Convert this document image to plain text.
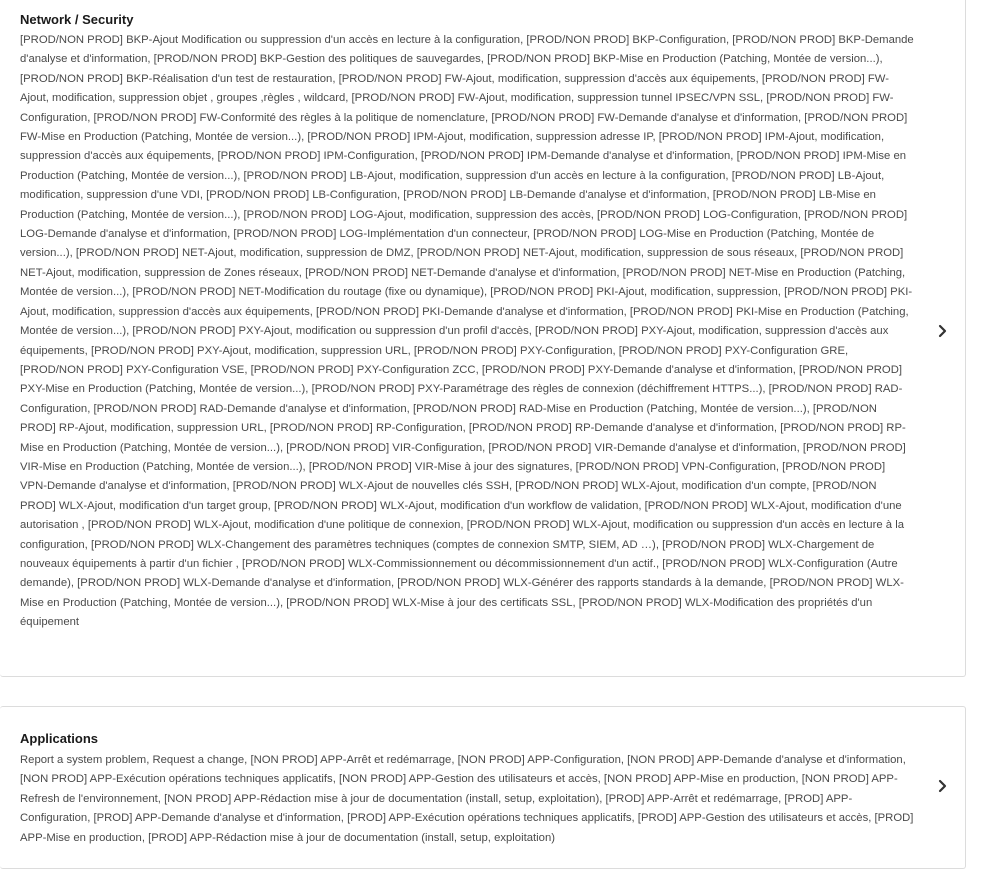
Network / Security

[PROD/NON PROD] BKP-Ajout Modification ou suppression d'un accès en lecture à la configuration, [PROD/NON PROD] BKP-Configuration, [PROD/NON PROD] BKP-Demande d'analyse et d'information, [PROD/NON PROD] BKP-Gestion des politiques de sauvegardes, [PROD/NON PROD] BKP-Mise en Production (Patching, Montée de version...), [PROD/NON PROD] BKP-Réalisation d'un test de restauration, [PROD/NON PROD] FW-Ajout, modification, suppression d'accès aux équipements, [PROD/NON PROD] FW-Ajout, modification, suppression objet , groupes ,règles , wildcard, [PROD/NON PROD] FW-Ajout, modification, suppression tunnel IPSEC/VPN SSL, [PROD/NON PROD] FW-Configuration, [PROD/NON PROD] FW-Conformité des règles à la politique de nomenclature, [PROD/NON PROD] FW-Demande d'analyse et d'information, [PROD/NON PROD] FW-Mise en Production (Patching, Montée de version...), [PROD/NON PROD] IPM-Ajout, modification, suppression adresse IP, [PROD/NON PROD] IPM-Ajout, modification, suppression d'accès aux équipements, [PROD/NON PROD] IPM-Configuration, [PROD/NON PROD] IPM-Demande d'analyse et d'information, [PROD/NON PROD] IPM-Mise en Production (Patching, Montée de version...), [PROD/NON PROD] LB-Ajout, modification, suppression d'un accès en lecture à la configuration, [PROD/NON PROD] LB-Ajout, modification, suppression d'une VDI, [PROD/NON PROD] LB-Configuration, [PROD/NON PROD] LB-Demande d'analyse et d'information, [PROD/NON PROD] LB-Mise en Production (Patching, Montée de version...), [PROD/NON PROD] LOG-Ajout, modification, suppression des accès, [PROD/NON PROD] LOG-Configuration, [PROD/NON PROD] LOG-Demande d'analyse et d'information, [PROD/NON PROD] LOG-Implémentation d'un connecteur, [PROD/NON PROD] LOG-Mise en Production (Patching, Montée de version...), [PROD/NON PROD] NET-Ajout, modification, suppression de DMZ, [PROD/NON PROD] NET-Ajout, modification, suppression de sous réseaux, [PROD/NON PROD] NET-Ajout, modification, suppression de Zones réseaux, [PROD/NON PROD] NET-Demande d'analyse et d'information, [PROD/NON PROD] NET-Mise en Production (Patching, Montée de version...), [PROD/NON PROD] NET-Modification du routage (fixe ou dynamique), [PROD/NON PROD] PKI-Ajout, modification, suppression, [PROD/NON PROD] PKI-Ajout, modification, suppression d'accès aux équipements, [PROD/NON PROD] PKI-Demande d'analyse et d'information, [PROD/NON PROD] PKI-Mise en Production (Patching, Montée de version...), [PROD/NON PROD] PXY-Ajout, modification ou suppression d'un profil d'accès, [PROD/NON PROD] PXY-Ajout, modification, suppression d'accès aux équipements, [PROD/NON PROD] PXY-Ajout, modification, suppression URL, [PROD/NON PROD] PXY-Configuration, [PROD/NON PROD] PXY-Configuration GRE, [PROD/NON PROD] PXY-Configuration VSE, [PROD/NON PROD] PXY-Configuration ZCC, [PROD/NON PROD] PXY-Demande d'analyse et d'information, [PROD/NON PROD] PXY-Mise en Production (Patching, Montée de version...), [PROD/NON PROD] PXY-Paramétrage des règles de connexion (déchiffrement HTTPS...), [PROD/NON PROD] RAD-Configuration, [PROD/NON PROD] RAD-Demande d'analyse et d'information, [PROD/NON PROD] RAD-Mise en Production (Patching, Montée de version...), [PROD/NON PROD] RP-Ajout, modification, suppression URL, [PROD/NON PROD] RP-Configuration, [PROD/NON PROD] RP-Demande d'analyse et d'information, [PROD/NON PROD] RP-Mise en Production (Patching, Montée de version...), [PROD/NON PROD] VIR-Configuration, [PROD/NON PROD] VIR-Demande d'analyse et d'information, [PROD/NON PROD] VIR-Mise en Production (Patching, Montée de version...), [PROD/NON PROD] VIR-Mise à jour des signatures, [PROD/NON PROD] VPN-Configuration, [PROD/NON PROD] VPN-Demande d'analyse et d'information, [PROD/NON PROD] WLX-Ajout de nouvelles clés SSH, [PROD/NON PROD] WLX-Ajout, modification d'un compte, [PROD/NON PROD] WLX-Ajout, modification d'un target group, [PROD/NON PROD] WLX-Ajout, modification d'un workflow de validation, [PROD/NON PROD] WLX-Ajout, modification d'une autorisation , [PROD/NON PROD] WLX-Ajout, modification d'une politique de connexion, [PROD/NON PROD] WLX-Ajout, modification ou suppression d'un accès en lecture à la configuration, [PROD/NON PROD] WLX-Changement des paramètres techniques (comptes de connexion SMTP, SIEM, AD …), [PROD/NON PROD] WLX-Chargement de nouveaux équipements à partir d'un fichier , [PROD/NON PROD] WLX-Commissionnement ou décommissionnement d'un actif., [PROD/NON PROD] WLX-Configuration (Autre demande), [PROD/NON PROD] WLX-Demande d'analyse et d'information, [PROD/NON PROD] WLX-Générer des rapports standards à la demande, [PROD/NON PROD] WLX-Mise en Production (Patching, Montée de version...), [PROD/NON PROD] WLX-Mise à jour des certificats SSL, [PROD/NON PROD] WLX-Modification des propriétés d'un équipement

Applications

Report a system problem, Request a change, [NON PROD] APP-Arrêt et redémarrage, [NON PROD] APP-Configuration, [NON PROD] APP-Demande d'analyse et d'information, [NON PROD] APP-Exécution opérations techniques applicatifs, [NON PROD] APP-Gestion des utilisateurs et accès, [NON PROD] APP-Mise en production, [NON PROD] APP-Refresh de l'environnement, [NON PROD] APP-Rédaction mise à jour de documentation (install, setup, exploitation), [PROD] APP-Arrêt et redémarrage, [PROD] APP-Configuration, [PROD] APP-Demande d'analyse et d'information, [PROD] APP-Exécution opérations techniques applicatifs, [PROD] APP-Gestion des utilisateurs et accès, [PROD] APP-Mise en production, [PROD] APP-Rédaction mise à jour de documentation (install, setup, exploitation)
